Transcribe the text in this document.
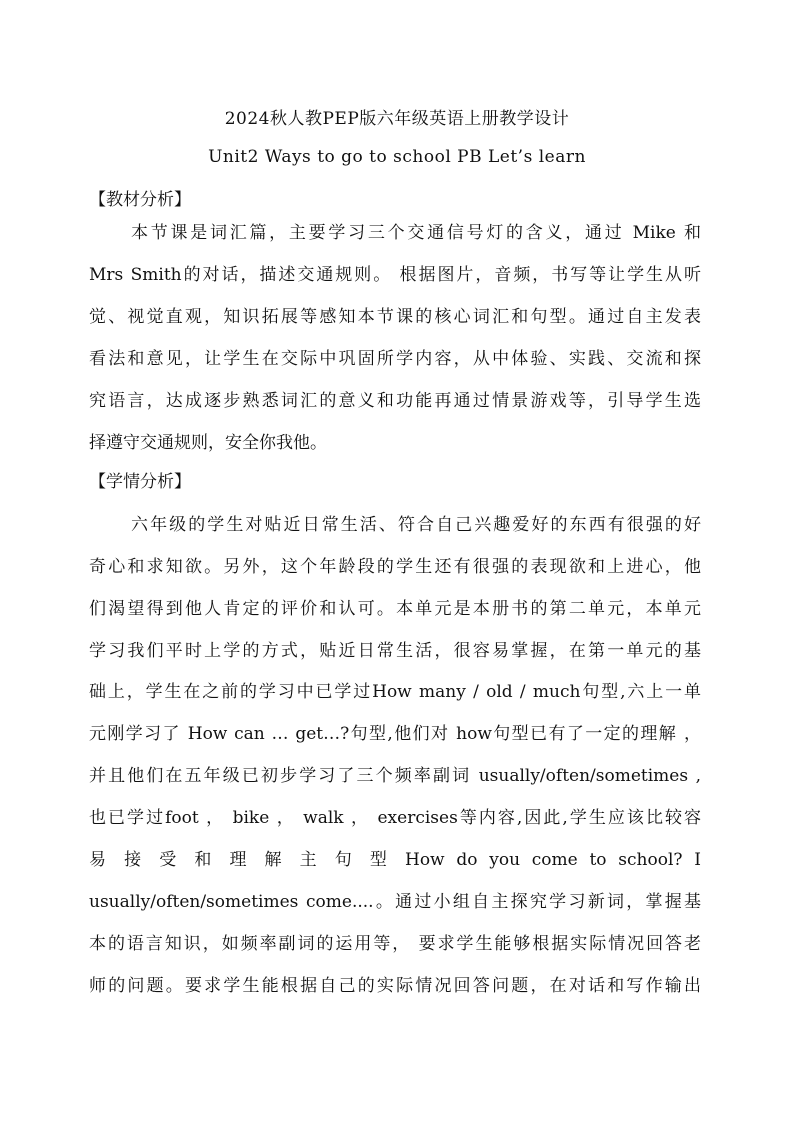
2024秋人教PEP版六年级英语上册教学设计
Unit2 Ways to go to school PB Let’s learn
【教材分析】
本节课是词汇篇，主要学习三个交通信号灯的含义，通过 Mike 和
Mrs Smith的对话，描述交通规则。 根据图片，音频，书写等让学生从听
觉、视觉直观，知识拓展等感知本节课的核心词汇和句型。通过自主发表
看法和意见，让学生在交际中巩固所学内容，从中体验、实践、交流和探
究语言，达成逐步熟悉词汇的意义和功能再通过情景游戏等，引导学生选
择遵守交通规则，安全你我他。
【学情分析】
六年级的学生对贴近日常生活、符合自己兴趣爱好的东西有很强的好
奇心和求知欲。另外，这个年龄段的学生还有很强的表现欲和上进心，他
们渴望得到他人肯定的评价和认可。本单元是本册书的第二单元，本单元
学习我们平时上学的方式，贴近日常生活，很容易掌握，在第一单元的基
础上，学生在之前的学习中已学过How many / old / much句型,六上一单
元刚学习了 How can … get…?句型,他们对 how句型已有了一定的理解 ，
并且他们在五年级已初步学习了三个频率副词 usually/often/sometimes ,
也已学过foot ， bike ， walk ， exercises等内容,因此,学生应该比较容
易 接 受 和 理 解 主 句 型 How do you come to school? I
usually/often/sometimes come....。通过小组自主探究学习新词，掌握基
本的语言知识，如频率副词的运用等， 要求学生能够根据实际情况回答老
师的问题。要求学生能根据自己的实际情况回答问题，在对话和写作输出
